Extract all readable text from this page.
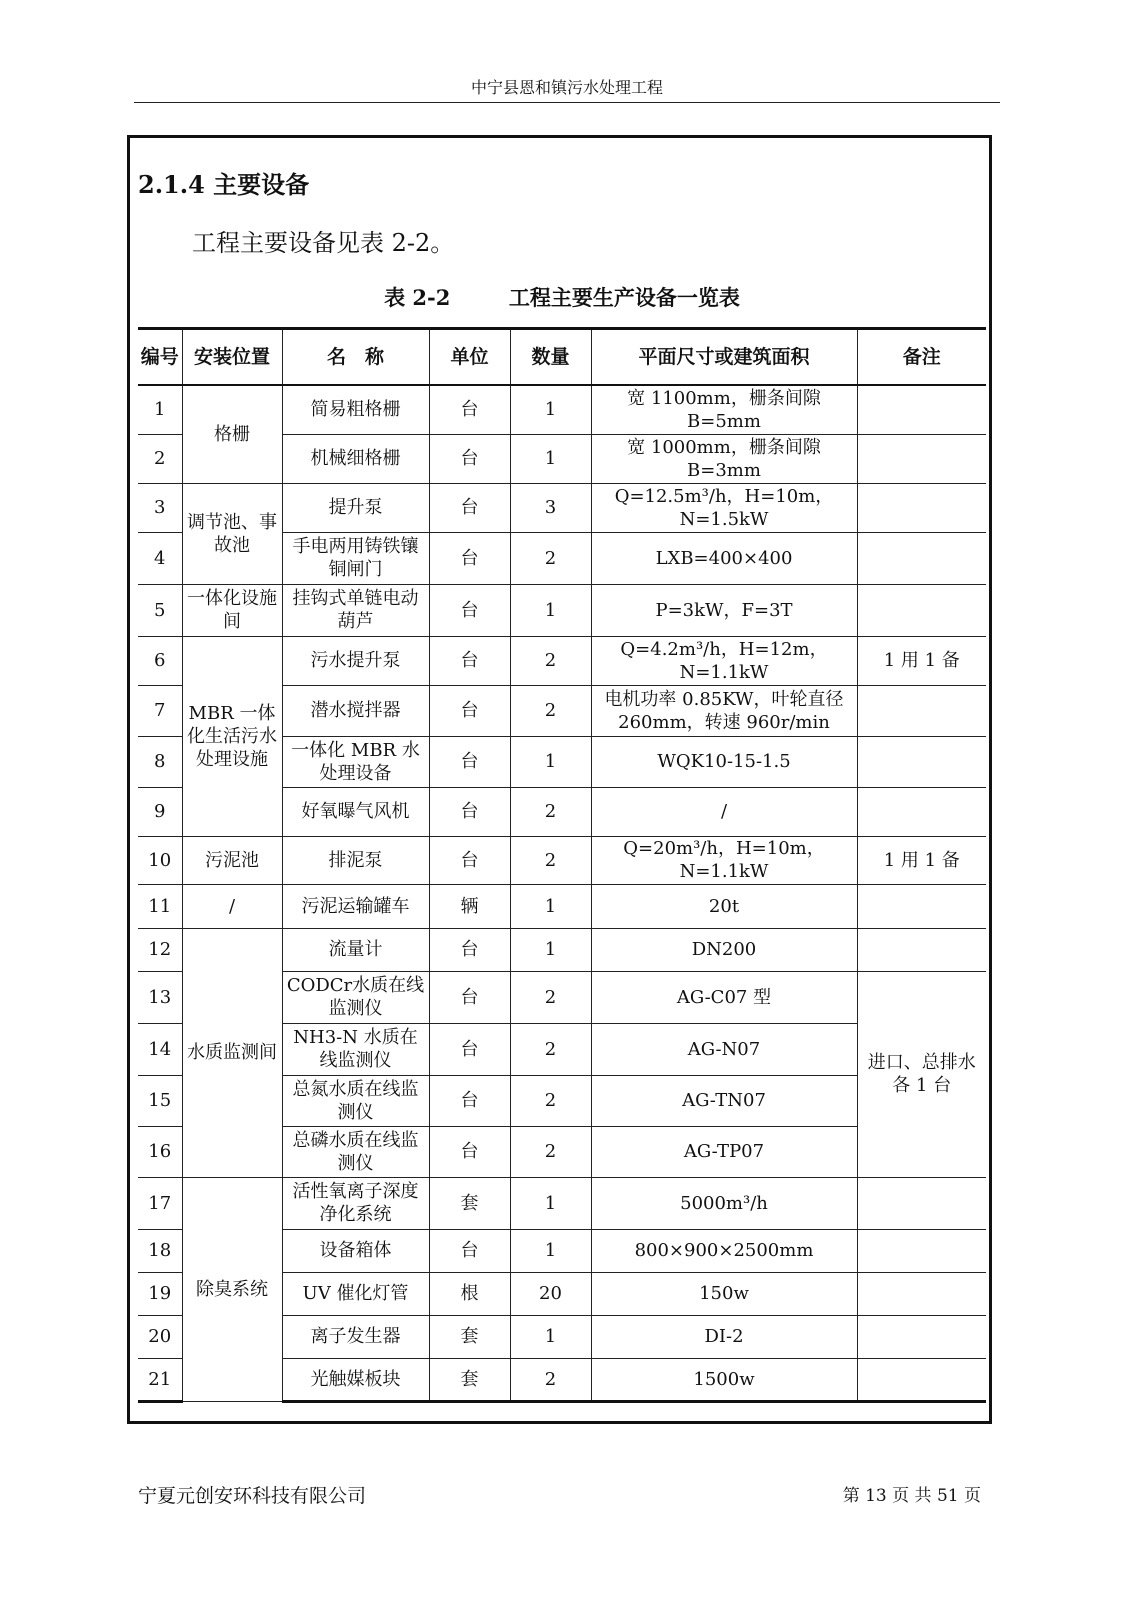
中宁县恩和镇污水处理工程
2.1.4 主要设备
工程主要设备见表 2-2。
表 2-2        工程主要生产设备一览表
编号	安装位置	名　称	单位	数量	平面尺寸或建筑面积	备注
1	格栅	简易粗格栅	台	1	宽 1100mm，栅条间隙 B=5mm	
2		机械细格栅	台	1	宽 1000mm，栅条间隙 B=3mm	
3	调节池、事故池	提升泵	台	3	Q=12.5m³/h，H=10m，N=1.5kW	
4		手电两用铸铁镶铜闸门	台	2	LXB=400×400	
5	一体化设施间	挂钩式单链电动葫芦	台	1	P=3kW，F=3T	
6	MBR 一体化生活污水处理设施	污水提升泵	台	2	Q=4.2m³/h，H=12m，N=1.1kW	1 用 1 备
7		潜水搅拌器	台	2	电机功率 0.85KW，叶轮直径 260mm，转速 960r/min	
8		一体化 MBR 水处理设备	台	1	WQK10-15-1.5	
9		好氧曝气风机	台	2	/	
10	污泥池	排泥泵	台	2	Q=20m³/h，H=10m，N=1.1kW	1 用 1 备
11	/	污泥运输罐车	辆	1	20t	
12	水质监测间	流量计	台	1	DN200	
13		CODCr水质在线监测仪	台	2	AG-C07 型	进口、总排水各 1 台
14		NH3-N 水质在线监测仪	台	2	AG-N07	
15		总氮水质在线监测仪	台	2	AG-TN07	
16		总磷水质在线监测仪	台	2	AG-TP07	
17	除臭系统	活性氧离子深度净化系统	套	1	5000m³/h	
18		设备箱体	台	1	800×900×2500mm	
19		UV 催化灯管	根	20	150w	
20		离子发生器	套	1	DI-2	
21		光触媒板块	套	2	1500w	
宁夏元创安环科技有限公司	第 13 页 共 51 页
